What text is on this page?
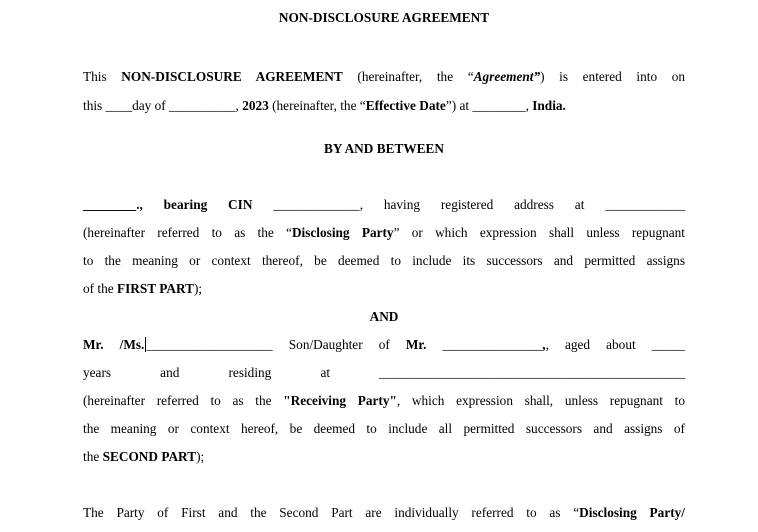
NON-DISCLOSURE AGREEMENT
This NON-DISCLOSURE AGREEMENT (hereinafter, the “Agreement”) is entered into on
this ____day of __________, 2023 (hereinafter, the “Effective Date”) at ________, India.
BY AND BETWEEN
________., bearing CIN _____________, having registered address at ____________
(hereinafter referred to as the “Disclosing Party” or which expression shall unless repugnant
to the meaning or context thereof, be deemed to include its successors and permitted assigns
of the FIRST PART);
AND
Mr. /Ms. ___________________ Son/Daughter of Mr. _______________,, aged about _____
years and residing at	______________________________________________
(hereinafter referred to as the "Receiving Party", which expression shall, unless repugnant to
the meaning or context hereof, be deemed to include all permitted successors and assigns of
the SECOND PART);
The Party of First and the Second Part are individually referred to as “Disclosing Party/
